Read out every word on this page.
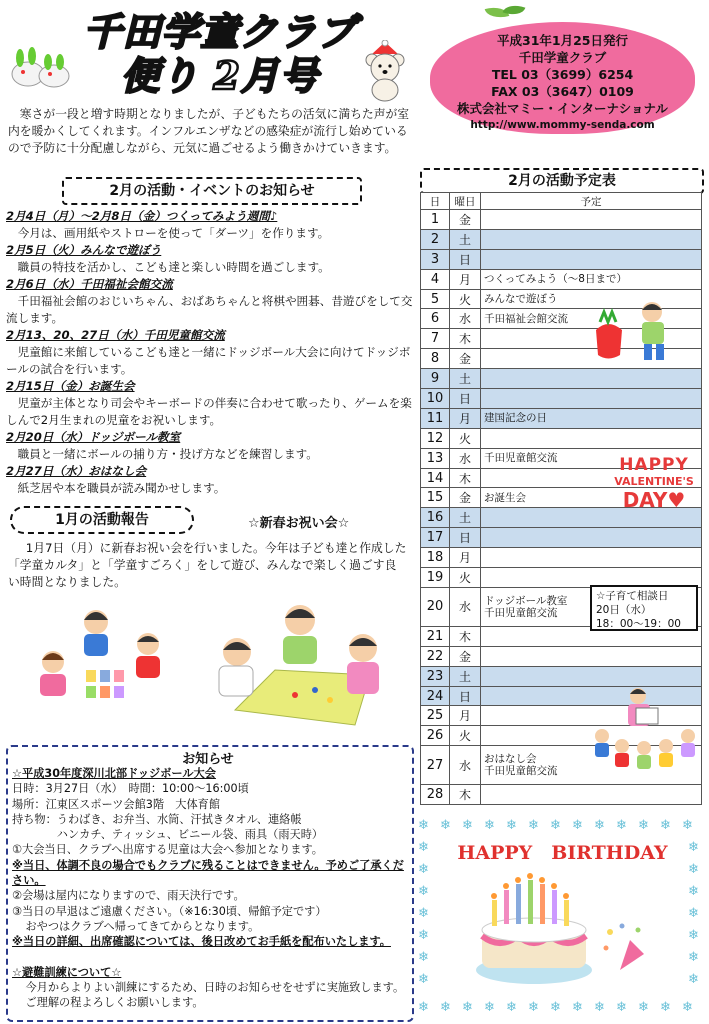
千田学童クラブ
便り 2月号
平成31年1月25日発行
千田学童クラブ
TEL 03（3699）6254
FAX 03（3647）0109
株式会社マミー・インターナショナル
http://www.mommy-senda.com
寒さが一段と増す時期となりましたが、子どもたちの活気に満ちた声が室内を暖かくしてくれます。インフルエンザなどの感染症が流行し始めているので予防に十分配慮しながら、元気に過ごせるよう働きかけていきます。
2月の活動・イベントのお知らせ
2月4日（月）～2月8日（金）つくってみよう週間♪
今月は、画用紙やストローを使って「ダーツ」を作ります。
2月5日（火）みんなで遊ぼう
職員の特技を活かし、こども達と楽しい時間を過ごします。
2月6日（水）千田福祉会館交流
千田福祉会館のおじいちゃん、おばあちゃんと将棋や囲碁、昔遊びをして交流します。
2月13、20、27日（水）千田児童館交流
児童館に来館しているこども達と一緒にドッジボール大会に向けてドッジボールの試合を行います。
2月15日（金）お誕生会
児童が主体となり司会やキーボードの伴奏に合わせて歌ったり、ゲームを楽しんで2月生まれの児童をお祝いします。
2月20日（水）ドッジボール教室
職員と一緒にボールの捕り方・投げ方などを練習します。
2月27日（水）おはなし会
紙芝居や本を職員が読み聞かせします。
1月の活動報告	☆新春お祝い会☆
1月7日（月）に新春お祝い会を行いました。今年は子ども達と作成した「学童カルタ」と「学童すごろく」をして遊び、みんなで楽しく過ごす良い時間となりました。
お知らせ
☆平成30年度深川北部ドッジボール大会
日時：3月27日（水）　時間：10:00～16:00頃
場所：江東区スポーツ会館3階　大体育館
持ち物：うわばき、お弁当、水筒、汗拭きタオル、連絡帳
　　　　ハンカチ、ティッシュ、ビニール袋、雨具（雨天時）
①大会当日、クラブへ出席する児童は大会へ参加となります。
※当日、体調不良の場合でもクラブに残ることはできません。予めご了承ください。
②会場は屋内になりますので、雨天決行です。
③当日の早退はご遠慮ください。（※16:30頃、帰館予定です）
おやつはクラブへ帰ってきてからとなります。
※当日の詳細、出席確認については、後日改めてお手紙を配布いたします。
☆避難訓練について☆
今月からよりよい訓練にするため、日時のお知らせをせずに実施致します。ご理解の程よろしくお願いします。
2月の活動予定表
日	曜日	予定
1	金	
2	土	
3	日	
4	月	つくってみよう（～8日まで）
5	火	みんなで遊ぼう
6	水	千田福祉会館交流
7	木	
8	金	
9	土	
10	日	
11	月	建国記念の日
12	火	
13	水	千田児童館交流
14	木	
15	金	お誕生会
16	土	
17	日	
18	月	
19	火	
20	水	ドッジボール教室
千田児童館交流
21	木	
22	金	
23	土	
24	日	
25	月	
26	火	
27	水	おはなし会
千田児童館交流
28	木	
☆子育て相談日
20日（水）
18：00～19：00
HAPPY
VALENTINE'S
DAY♥
❄
❄
❄
❄
❄
❄
❄
❄
❄
❄
❄
❄
❄
❄
❄
❄
❄
❄
❄
❄
❄
❄
❄
❄
❄
❄
❄	❄
❄	❄
❄	❄
❄	❄
❄	❄
❄	❄
❄	❄
HAPPY　BIRTHDAY
